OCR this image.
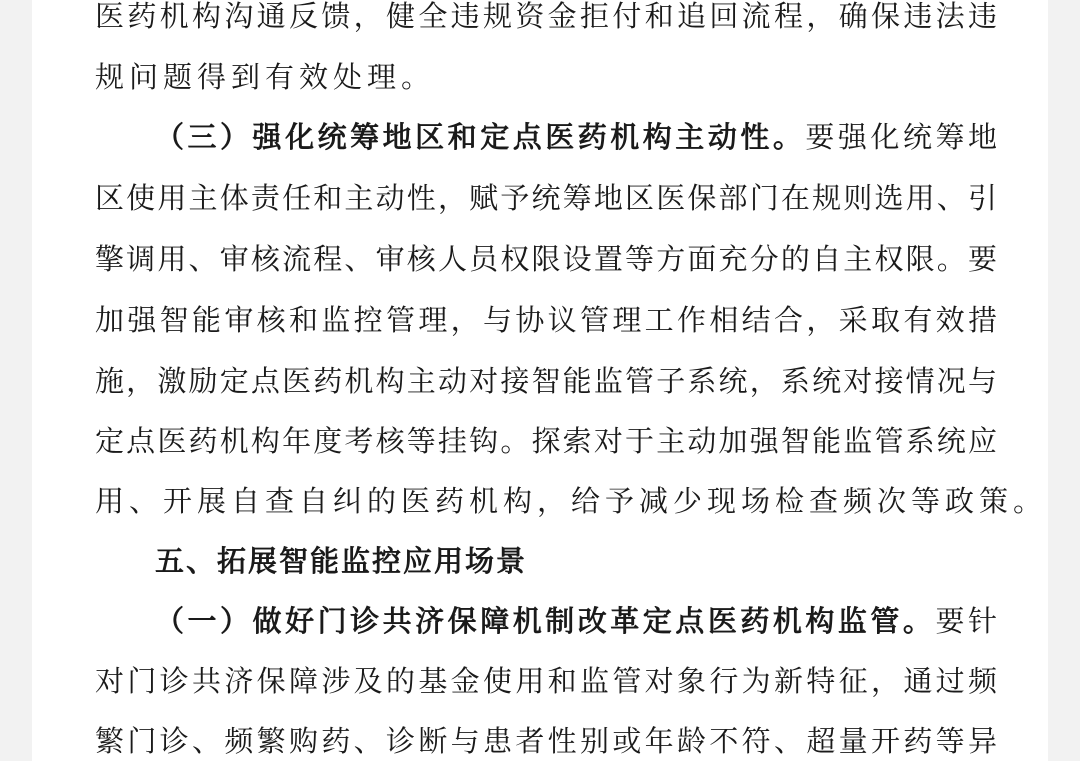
医药机构沟通反馈，健全违规资金拒付和追回流程，确保违法违
规问题得到有效处理。
（三）强化统筹地区和定点医药机构主动性。要强化统筹地
区使用主体责任和主动性，赋予统筹地区医保部门在规则选用、引
擎调用、审核流程、审核人员权限设置等方面充分的自主权限。要
加强智能审核和监控管理，与协议管理工作相结合，采取有效措
施，激励定点医药机构主动对接智能监管子系统，系统对接情况与
定点医药机构年度考核等挂钩。探索对于主动加强智能监管系统应
用、开展自查自纠的医药机构，给予减少现场检查频次等政策。
五、拓展智能监控应用场景
（一）做好门诊共济保障机制改革定点医药机构监管。要针
对门诊共济保障涉及的基金使用和监管对象行为新特征，通过频
繁门诊、频繁购药、诊断与患者性别或年龄不符、超量开药等异
